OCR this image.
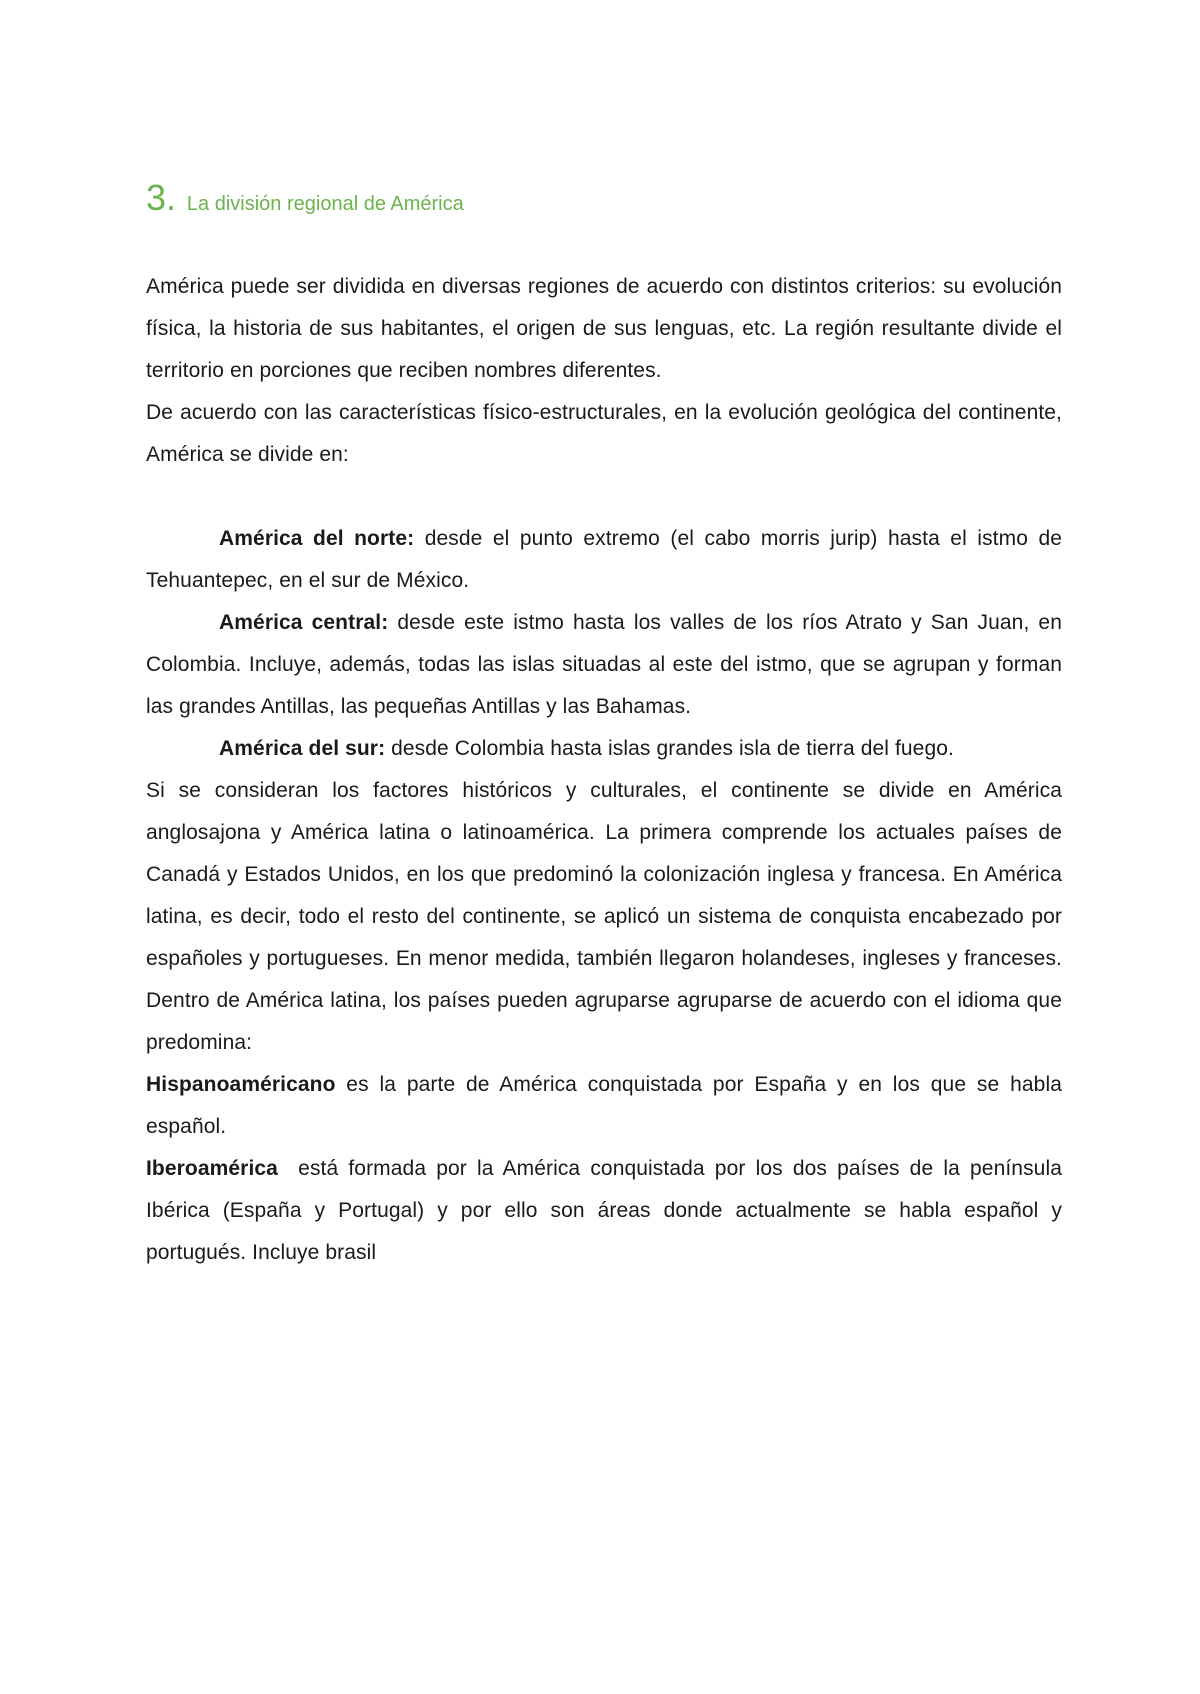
3. La división regional de América

América puede ser dividida en diversas regiones de acuerdo con distintos criterios: su evolución física, la historia de sus habitantes, el origen de sus lenguas, etc. La región resultante divide el territorio en porciones que reciben nombres diferentes.

De acuerdo con las características físico-estructurales, en la evolución geológica del continente, América se divide en:

América del norte: desde el punto extremo (el cabo morris jurip) hasta el istmo de Tehuantepec, en el sur de México.

América central: desde este istmo hasta los valles de los ríos Atrato y San Juan, en Colombia. Incluye, además, todas las islas situadas al este del istmo, que se agrupan y forman las grandes Antillas, las pequeñas Antillas y las Bahamas.

América del sur: desde Colombia hasta islas grandes isla de tierra del fuego.

Si se consideran los factores históricos y culturales, el continente se divide en América anglosajona y América latina o latinoamérica. La primera comprende los actuales países de Canadá y Estados Unidos, en los que predominó la colonización inglesa y francesa. En América latina, es decir, todo el resto del continente, se aplicó un sistema de conquista encabezado por españoles y portugueses. En menor medida, también llegaron holandeses, ingleses y franceses. Dentro de América latina, los países pueden agruparse agruparse de acuerdo con el idioma que predomina:

Hispanoaméricano es la parte de América conquistada por España y en los que se habla español.

Iberoamérica  está formada por la América conquistada por los dos países de la península Ibérica (España y Portugal) y por ello son áreas donde actualmente se habla español y portugués. Incluye brasil
